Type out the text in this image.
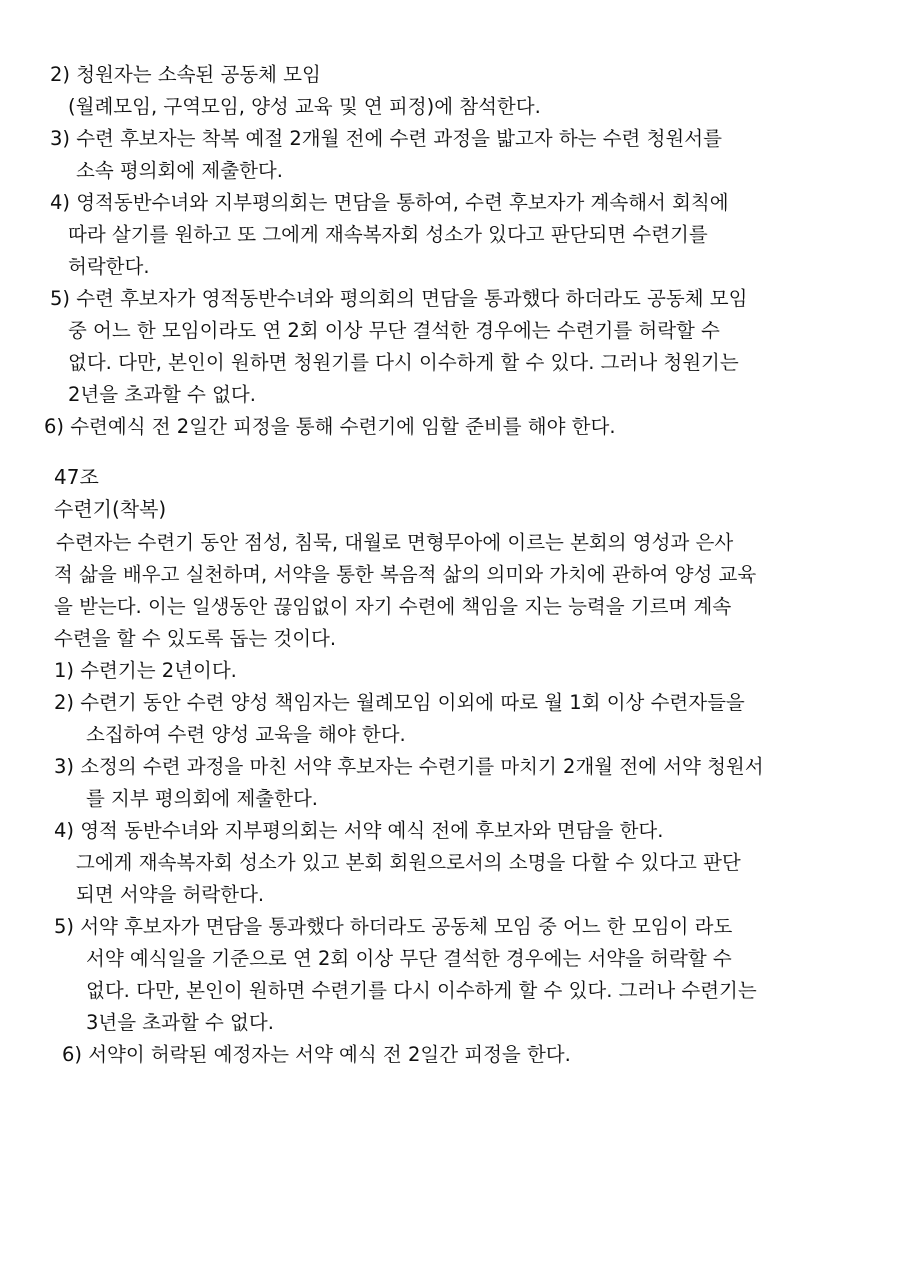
2) 청원자는 소속된 공동체 모임

(월례모임, 구역모임, 양성 교육 및 연 피정)에 참석한다.

3) 수련 후보자는 착복 예절 2개월 전에 수련 과정을 밟고자 하는 수련 청원서를

소속 평의회에 제출한다.

4) 영적동반수녀와 지부평의회는 면담을 통하여, 수련 후보자가 계속해서 회칙에

따라 살기를 원하고 또 그에게 재속복자회 성소가 있다고 판단되면 수련기를

허락한다.

5) 수련 후보자가 영적동반수녀와 평의회의 면담을 통과했다 하더라도 공동체 모임

중 어느 한 모임이라도 연 2회 이상 무단 결석한 경우에는 수련기를 허락할 수

없다. 다만, 본인이 원하면 청원기를 다시 이수하게 할 수 있다. 그러나 청원기는

2년을 초과할 수 없다.

6) 수련예식 전 2일간 피정을 통해 수련기에 임할 준비를 해야 한다.

47조

수련기(착복)

수련자는 수련기 동안 점성, 침묵, 대월로 면형무아에 이르는 본회의 영성과 은사

적 삶을 배우고 실천하며, 서약을 통한 복음적 삶의 의미와 가치에 관하여 양성 교육

을 받는다. 이는 일생동안 끊임없이 자기 수련에 책임을 지는 능력을 기르며 계속

수련을 할 수 있도록 돕는 것이다.

1) 수련기는 2년이다.

2) 수련기 동안 수련 양성 책임자는 월례모임 이외에 따로 월 1회 이상 수련자들을

소집하여 수련 양성 교육을 해야 한다.

3) 소정의 수련 과정을 마친 서약 후보자는 수련기를 마치기 2개월 전에 서약 청원서

를 지부 평의회에 제출한다.

4) 영적 동반수녀와 지부평의회는 서약 예식 전에 후보자와 면담을 한다.

그에게 재속복자회 성소가 있고 본회 회원으로서의 소명을 다할 수 있다고 판단

되면 서약을 허락한다.

5) 서약 후보자가 면담을 통과했다 하더라도 공동체 모임 중 어느 한 모임이 라도

서약 예식일을 기준으로 연 2회 이상 무단 결석한 경우에는 서약을 허락할 수

없다. 다만, 본인이 원하면 수련기를 다시 이수하게 할 수 있다. 그러나 수련기는

3년을 초과할 수 없다.

6) 서약이 허락된 예정자는 서약 예식 전 2일간 피정을 한다.
